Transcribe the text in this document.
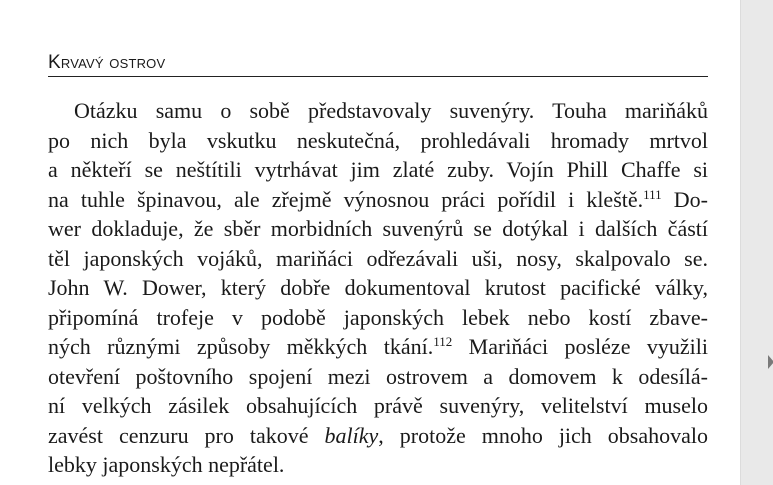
Krvavý ostrov
Otázku samu o sobě představovaly suvenýry. Touha mariňáků
po nich byla vskutku neskutečná, prohledávali hromady mrtvol
a někteří se neštítili vytrhávat jim zlaté zuby. Vojín Phill Chaffe si
na tuhle špinavou, ale zřejmě výnosnou práci pořídil i kleště.$^{111}$ Do-
wer dokladuje, že sběr morbidních suvenýrů se dotýkal i dalších částí
těl japonských vojáků, mariňáci odřezávali uši, nosy, skalpovalo se.
John W. Dower, který dobře dokumentoval krutost pacifické války,
připomíná trofeje v podobě japonských lebek nebo kostí zbave-
ných různými způsoby měkkých tkání.$^{112}$ Mariňáci posléze využili
otevření poštovního spojení mezi ostrovem a domovem k odesílá-
ní velkých zásilek obsahujících právě suvenýry, velitelství muselo
zavést cenzuru pro takové balíky, protože mnoho jich obsahovalo
lebky japonských nepřátel.
